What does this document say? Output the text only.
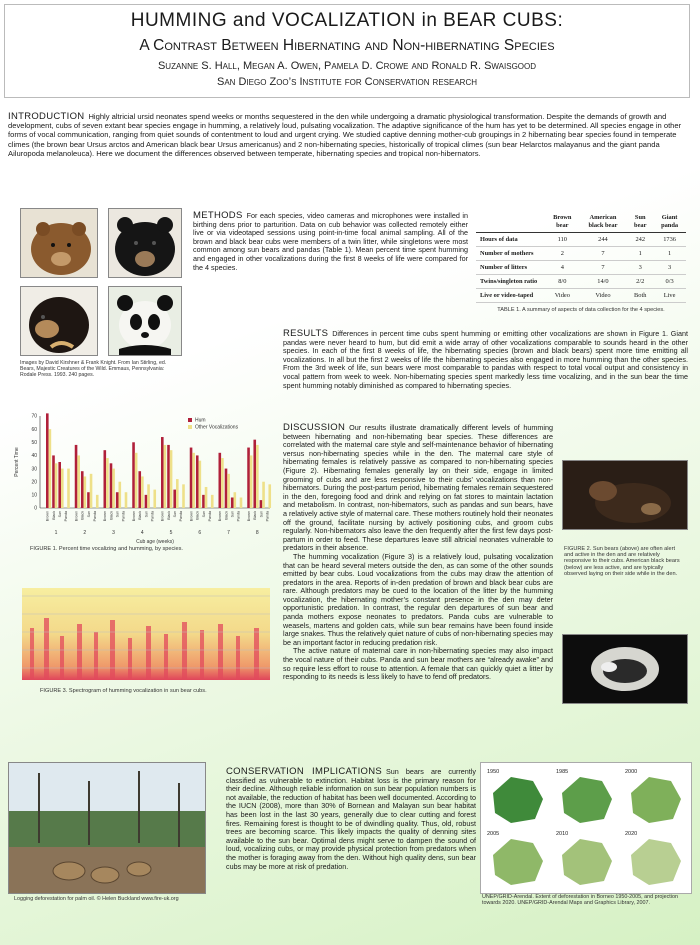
HUMMING and VOCALIZATION in BEAR CUBS:
A Contrast Between Hibernating and Non-hibernating Species
Suzanne S. Hall, Megan A. Owen, Pamela D. Crowe and Ronald R. Swaisgood
San Diego Zoo’s Institute for Conservation research
INTRODUCTION Highly altricial ursid neonates spend weeks or months sequestered in the den while undergoing a dramatic physiological transformation. Despite the demands of growth and development, cubs of seven extant bear species engage in humming, a relatively loud, pulsating vocalization. The adaptive significance of the hum has yet to be determined. All species engage in other forms of vocal communication, ranging from quiet sounds of contentment to loud and urgent crying. We studied captive denning mother-cub groupings in 2 hibernating bear species found in temperate climes (the brown bear Ursus arctos and American black bear Ursus americanus) and 2 non-hibernating species, historically of tropical climes (sun bear Helarctos malayanus and the giant panda Ailuropoda melanoleuca). Here we document the differences observed between temperate, hibernating species and tropical non-hibernators.
Images by David Kirshner & Frank Knight. From Ian Stirling, ed. Bears, Majestic Creatures of the Wild. Emmaus, Pennsylvania: Rodale Press. 1993. 240 pages.

METHODS For each species, video cameras and microphones were installed in birthing dens prior to parturition. Data on cub behavior was collected remotely either live or via videotaped sessions using point-in-time focal animal sampling. All of the brown and black bear cubs were members of a twin litter, while singletons were most common among sun bears and pandas (Table 1). Mean percent time spent humming and engaged in other vocalizations during the first 8 weeks of life were compared for the 4 species.

	Brown bear	American black bear	Sun bear	Giant panda
Hours of data	110	244	242	1736
Number of mothers	2	7	1	1
Number of litters	4	7	3	3
Twins/singleton ratio	8/0	14/0	2/2	0/3
Live or video-taped	Video	Video	Both	Live
TABLE 1. A summary of aspects of data collection for the 4 species.

RESULTS Differences in percent time cubs spent humming or emitting other vocalizations are shown in Figure 1. Giant pandas were never heard to hum, but did emit a wide array of other vocalizations comparable to sounds heard in the other species. In each of the first 8 weeks of life, the hibernating species (brown and black bears) spent more time emitting all vocalizations. In all but the first 2 weeks of life the hibernating species also engaged in more humming than the other species. From the 3rd week of life, sun bears were most comparable to pandas with respect to total vocal output and consistency in vocal pattern from week to week. Non-hibernating species spent markedly less time vocalizing, and in the sun bear the time spent humming notably diminished as compared to hibernating species.

0
10
20
30
40
50
60
70
Percent Time
Brown Black Sun Panda
1
Brown Black Sun Panda
2
Brown Black Sun Panda
3
Brown Black Sun Panda
4
Brown Black Sun Panda
5
Brown Black Sun Panda
6
Brown Black Sun Panda
7
Brown Black Sun Panda
8
Cub age (weeks)
Hum
Other Vocalizations
FIGURE 1. Percent time vocalizing and humming, by species.
FIGURE 3. Spectrogram of humming vocalization in sun bear cubs.

DISCUSSION Our results illustrate dramatically different levels of humming between hibernating and non-hibernating bear species. These differences are correlated with the maternal care style and self-maintenance behavior of hibernating versus non-hibernating species while in the den. The maternal care style of hibernating females is relatively passive as compared to non-hibernating species (Figure 2). Hibernating females generally lay on their side, engage in limited grooming of cubs and are less responsive to their cubs’ vocalizations than non-hibernators. During the post-partum period, hibernating females remain sequestered in the den, foregoing food and drink and relying on fat stores to maintain lactation and metabolism. In contrast, non-hibernators, such as pandas and sun bears, have a relatively active style of maternal care. These mothers routinely hold their neonates off the ground, facilitate nursing by actively positioning cubs, and groom cubs regularly. Non-hibernators also leave the den frequently after the first few days post-partum in order to feed. These departures leave still altricial neonates vulnerable to predators in their absence.

The humming vocalization (Figure 3) is a relatively loud, pulsating vocalization that can be heard several meters outside the den, as can some of the other sounds emitted by bear cubs. Loud vocalizations from the cubs may draw the attention of predators in the area. Reports of in-den predation of brown and black bear cubs are rare. Although predators may be cued to the location of the litter by the humming vocalization, the hibernating mother’s constant presence in the den may deter opportunistic predation. In contrast, the regular den departures of sun bear and panda mothers expose neonates to predators. Panda cubs are vulnerable to weasels, martens and golden cats, while sun bear remains have been found inside large snakes. Thus the relatively quiet nature of cubs of non-hibernating species may be an important factor in reducing predation risk.

The active nature of maternal care in non-hibernating species may also impact the vocal nature of their cubs. Panda and sun bear mothers are “already awake” and so require less effort to rouse to attention. A female that can quickly quiet a litter by responding to its needs is less likely to have to fend off predators.

FIGURE 2. Sun bears (above) are often alert and active in the den and are relatively responsive to their cubs. American black bears (below) are less active, and are typically observed laying on their side while in the den.
Logging deforestation for palm oil. © Helen Buckland www.fire-uk.org

CONSERVATION IMPLICATIONS Sun bears are currently classified as vulnerable to extinction. Habitat loss is the primary reason for their decline. Although reliable information on sun bear population numbers is not available, the reduction of habitat has been well documented. According to the IUCN (2008), more than 30% of Bornean and Malayan sun bear habitat has been lost in the last 30 years, generally due to clear cutting and forest fires. Remaining forest is thought to be of dwindling quality. Thus, old, robust trees are becoming scarce. This likely impacts the quality of denning sites available to the sun bear. Optimal dens might serve to dampen the sound of loud, vocalizing cubs, or may provide physical protection from predators when the mother is foraging away from the den. Without high quality dens, sun bear cubs may be more at risk of predation.

1950	1985	2000
2005	2010	2020
UNEP/GRID-Arendal. Extent of deforestation in Borneo 1950-2005, and projection towards 2020. UNEP/GRID-Arendal Maps and Graphics Library, 2007.
